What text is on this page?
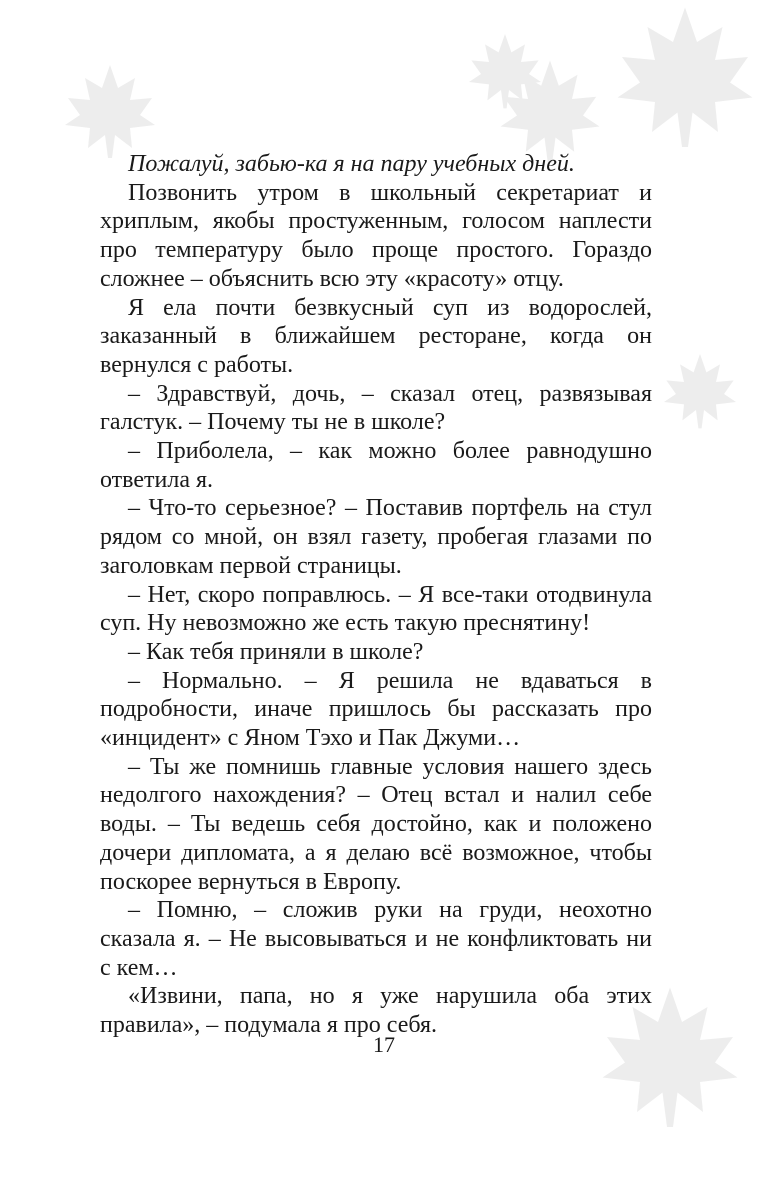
Пожалуй, забью-ка я на пару учебных дней.

Позвонить утром в школьный секретариат и хриплым, якобы простуженным, голосом наплести про температуру было проще простого. Гораздо сложнее – объяснить всю эту «красоту» отцу.

Я ела почти безвкусный суп из водорослей, заказанный в ближайшем ресторане, когда он вернулся с работы.

– Здравствуй, дочь, – сказал отец, развязывая галстук. – Почему ты не в школе?

– Приболела, – как можно более равнодушно ответила я.

– Что-то серьезное? – Поставив портфель на стул рядом со мной, он взял газету, пробегая глазами по заголовкам первой страницы.

– Нет, скоро поправлюсь. – Я все-таки отодвинула суп. Ну невозможно же есть такую преснятину!

– Как тебя приняли в школе?

– Нормально. – Я решила не вдаваться в подробности, иначе пришлось бы рассказать про «инцидент» с Яном Тэхо и Пак Джуми…

– Ты же помнишь главные условия нашего здесь недолгого нахождения? – Отец встал и налил себе воды. – Ты ведешь себя достойно, как и положено дочери дипломата, а я делаю всё возможное, чтобы поскорее вернуться в Европу.

– Помню, – сложив руки на груди, неохотно сказала я. – Не высовываться и не конфликтовать ни с кем…

«Извини, папа, но я уже нарушила оба этих правила», – подумала я про себя.

17
